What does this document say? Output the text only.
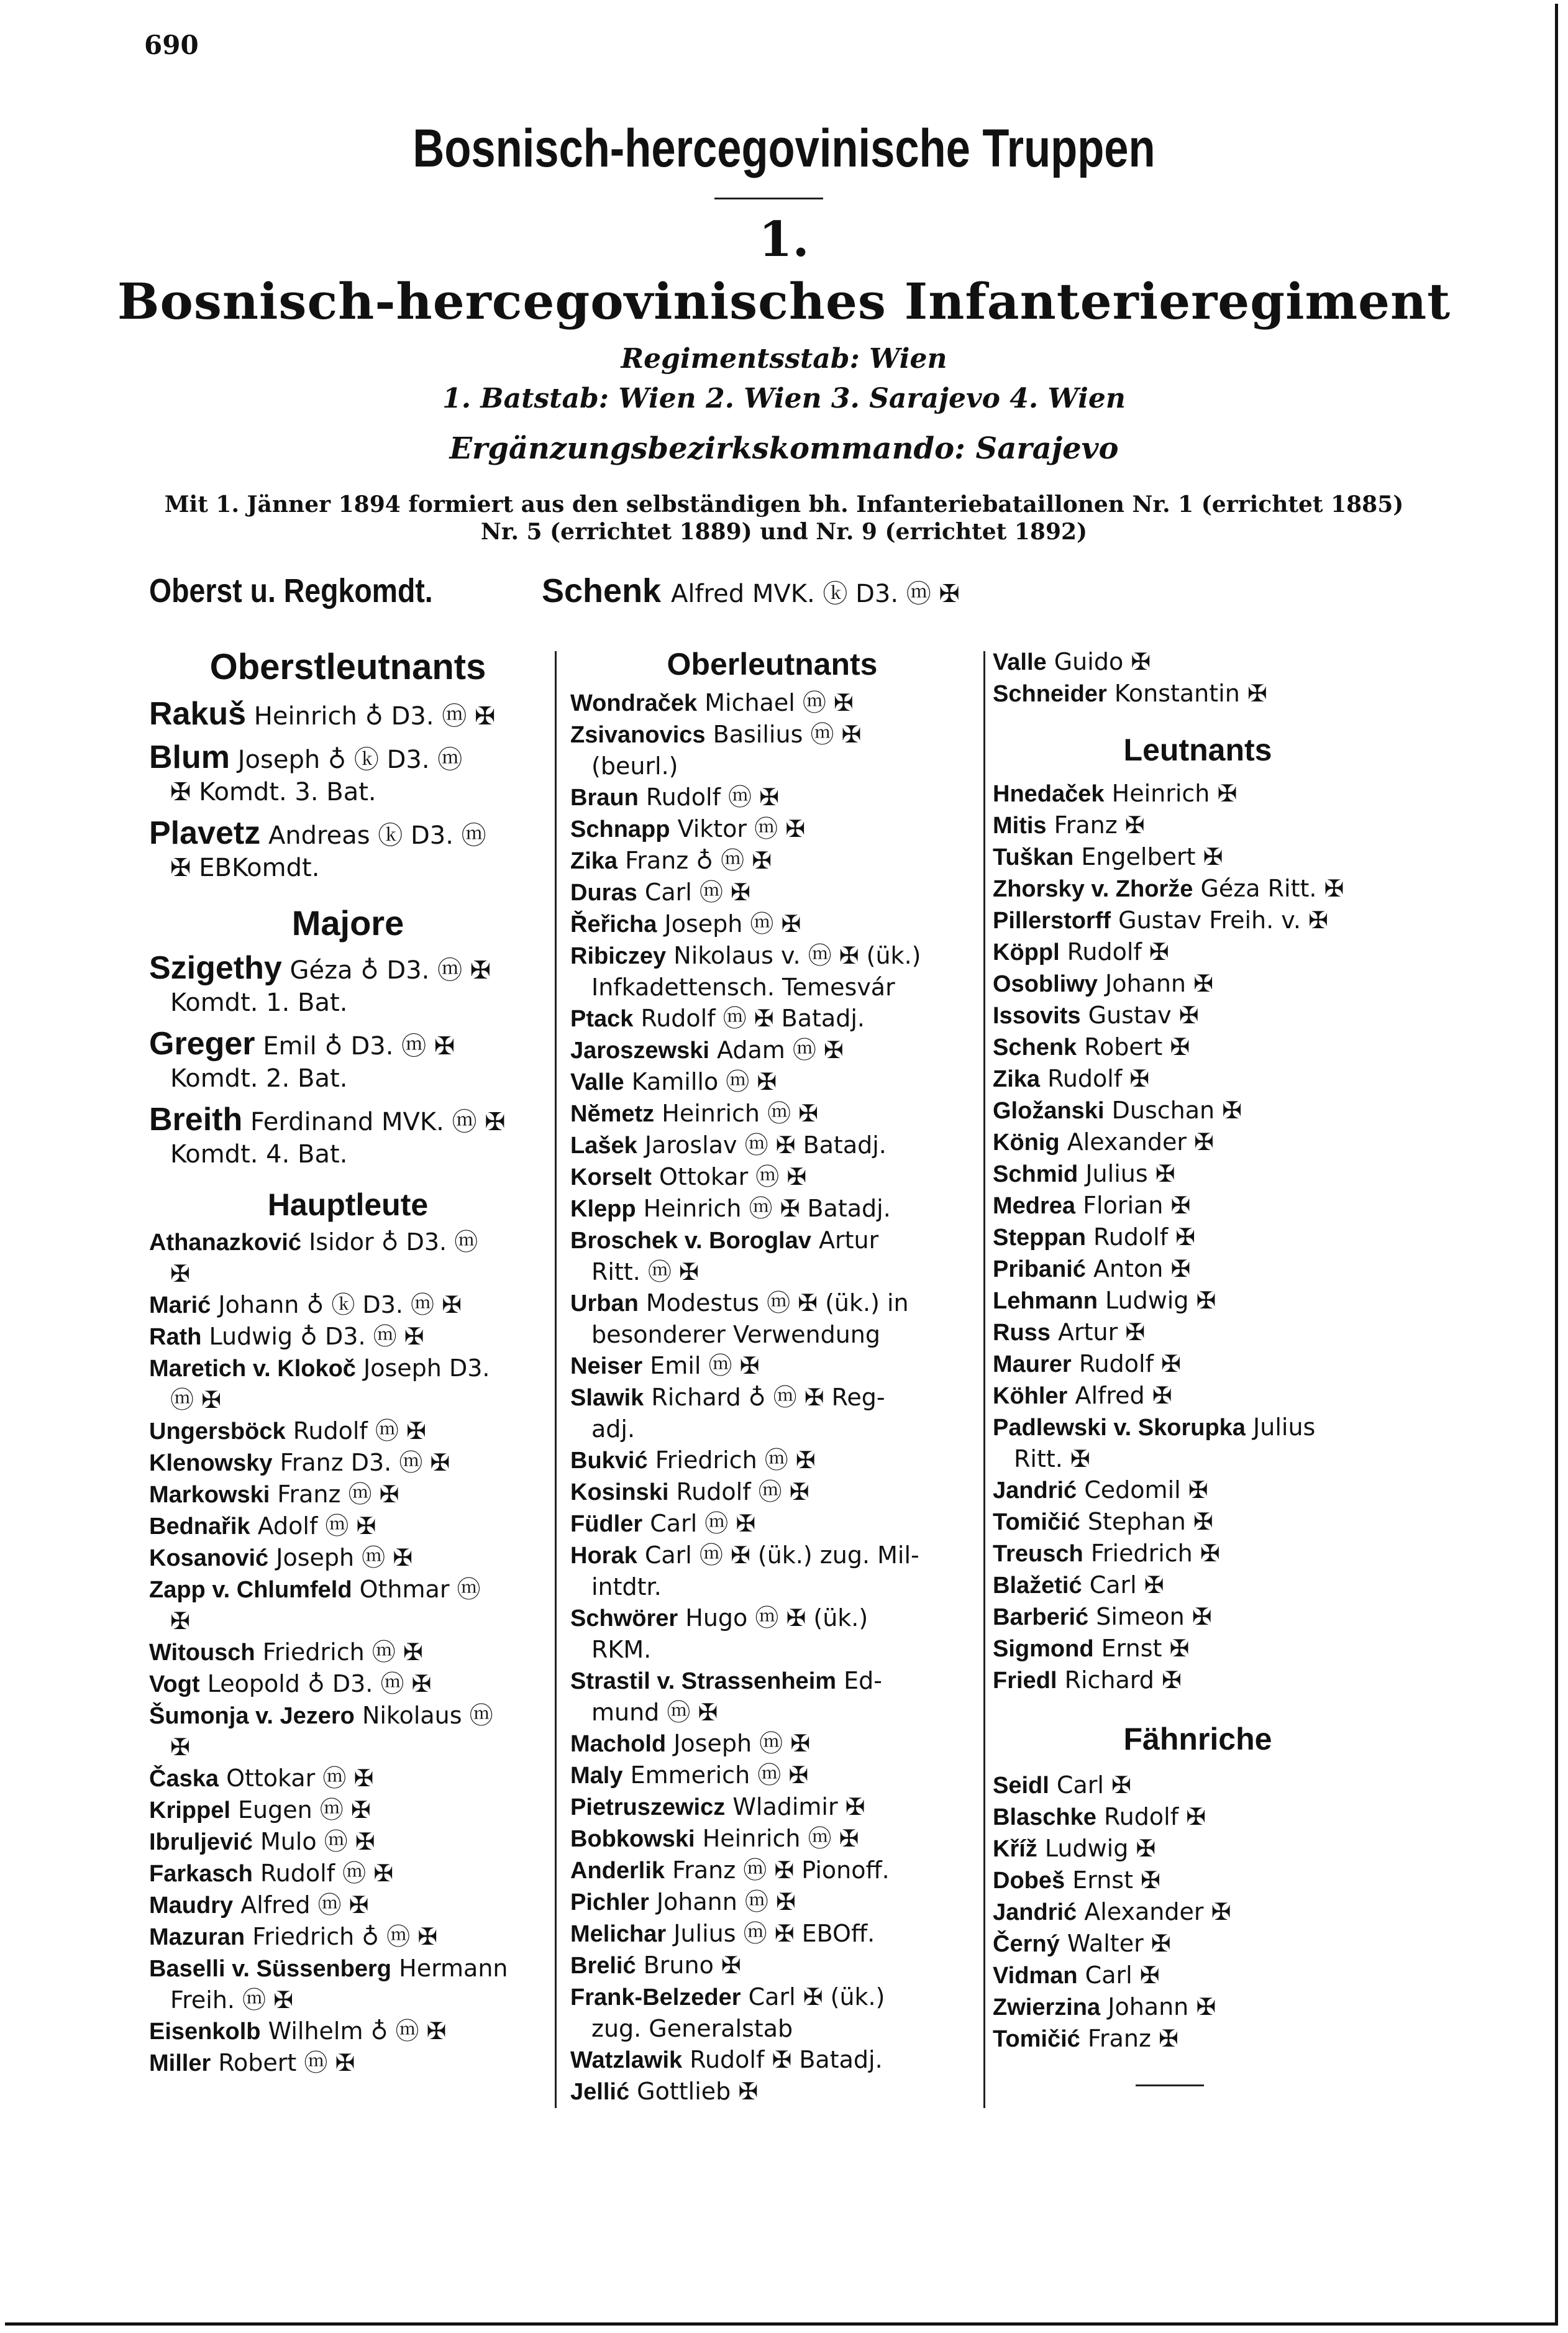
690
Bosnisch-hercegovinische Truppen
1.
Bosnisch-hercegovinisches Infanterieregiment
Regimentsstab: Wien
1. Batstab: Wien 2. Wien 3. Sarajevo 4. Wien
Ergänzungsbezirkskommando: Sarajevo
Mit 1. Jänner 1894 formiert aus den selbständigen bh. Infanteriebataillonen Nr. 1 (errichtet 1885)
Nr. 5 (errichtet 1889) und Nr. 9 (errichtet 1892)
Oberst u. Regkomdt.	Schenk Alfred MVK. ⓚ D3. ⓜ ✠
Oberstleutnants
Rakuš Heinrich ♁ D3. ⓜ ✠
Blum Joseph ♁ ⓚ D3. ⓜ
✠ Komdt. 3. Bat.
Plavetz Andreas ⓚ D3. ⓜ
✠ EBKomdt.
Majore
Szigethy Géza ♁ D3. ⓜ ✠
Komdt. 1. Bat.
Greger Emil ♁ D3. ⓜ ✠
Komdt. 2. Bat.
Breith Ferdinand MVK. ⓜ ✠
Komdt. 4. Bat.
Hauptleute
Athanazković Isidor ♁ D3. ⓜ
✠
Marić Johann ♁ ⓚ D3. ⓜ ✠
Rath Ludwig ♁ D3. ⓜ ✠
Maretich v. Klokoč Joseph D3.
ⓜ ✠
Ungersböck Rudolf ⓜ ✠
Klenowsky Franz D3. ⓜ ✠
Markowski Franz ⓜ ✠
Bednařik Adolf ⓜ ✠
Kosanović Joseph ⓜ ✠
Zapp v. Chlumfeld Othmar ⓜ
✠
Witousch Friedrich ⓜ ✠
Vogt Leopold ♁ D3. ⓜ ✠
Šumonja v. Jezero Nikolaus ⓜ
✠
Časka Ottokar ⓜ ✠
Krippel Eugen ⓜ ✠
Ibruljević Mulo ⓜ ✠
Farkasch Rudolf ⓜ ✠
Maudry Alfred ⓜ ✠
Mazuran Friedrich ♁ ⓜ ✠
Baselli v. Süssenberg Hermann
Freih. ⓜ ✠
Eisenkolb Wilhelm ♁ ⓜ ✠
Miller Robert ⓜ ✠
Oberleutnants
Wondraček Michael ⓜ ✠
Zsivanovics Basilius ⓜ ✠
(beurl.)
Braun Rudolf ⓜ ✠
Schnapp Viktor ⓜ ✠
Zika Franz ♁ ⓜ ✠
Duras Carl ⓜ ✠
Řeřicha Joseph ⓜ ✠
Ribiczey Nikolaus v. ⓜ ✠ (ük.)
Infkadettensch. Temesvár
Ptack Rudolf ⓜ ✠ Batadj.
Jaroszewski Adam ⓜ ✠
Valle Kamillo ⓜ ✠
Nĕmetz Heinrich ⓜ ✠
Lašek Jaroslav ⓜ ✠ Batadj.
Korselt Ottokar ⓜ ✠
Klepp Heinrich ⓜ ✠ Batadj.
Broschek v. Boroglav Artur
Ritt. ⓜ ✠
Urban Modestus ⓜ ✠ (ük.) in
besonderer Verwendung
Neiser Emil ⓜ ✠
Slawik Richard ♁ ⓜ ✠ Reg-
adj.
Bukvić Friedrich ⓜ ✠
Kosinski Rudolf ⓜ ✠
Füdler Carl ⓜ ✠
Horak Carl ⓜ ✠ (ük.) zug. Mil-
intdtr.
Schwörer Hugo ⓜ ✠ (ük.)
RKM.
Strastil v. Strassenheim Ed-
mund ⓜ ✠
Machold Joseph ⓜ ✠
Maly Emmerich ⓜ ✠
Pietruszewicz Wladimir ✠
Bobkowski Heinrich ⓜ ✠
Anderlik Franz ⓜ ✠ Pionoff.
Pichler Johann ⓜ ✠
Melichar Julius ⓜ ✠ EBOff.
Brelić Bruno ✠
Frank-Belzeder Carl ✠ (ük.)
zug. Generalstab
Watzlawik Rudolf ✠ Batadj.
Jellić Gottlieb ✠
Valle Guido ✠
Schneider Konstantin ✠
Leutnants
Hnedaček Heinrich ✠
Mitis Franz ✠
Tuškan Engelbert ✠
Zhorsky v. Zhorže Géza Ritt. ✠
Pillerstorff Gustav Freih. v. ✠
Köppl Rudolf ✠
Osobliwy Johann ✠
Issovits Gustav ✠
Schenk Robert ✠
Zika Rudolf ✠
Gložanski Duschan ✠
König Alexander ✠
Schmid Julius ✠
Medrea Florian ✠
Steppan Rudolf ✠
Pribanić Anton ✠
Lehmann Ludwig ✠
Russ Artur ✠
Maurer Rudolf ✠
Köhler Alfred ✠
Padlewski v. Skorupka Julius
Ritt. ✠
Jandrić Cedomil ✠
Tomičić Stephan ✠
Treusch Friedrich ✠
Blažetić Carl ✠
Barberić Simeon ✠
Sigmond Ernst ✠
Friedl Richard ✠
Fähnriche
Seidl Carl ✠
Blaschke Rudolf ✠
Kříž Ludwig ✠
Dobeš Ernst ✠
Jandrić Alexander ✠
Černý Walter ✠
Vidman Carl ✠
Zwierzina Johann ✠
Tomičić Franz ✠
